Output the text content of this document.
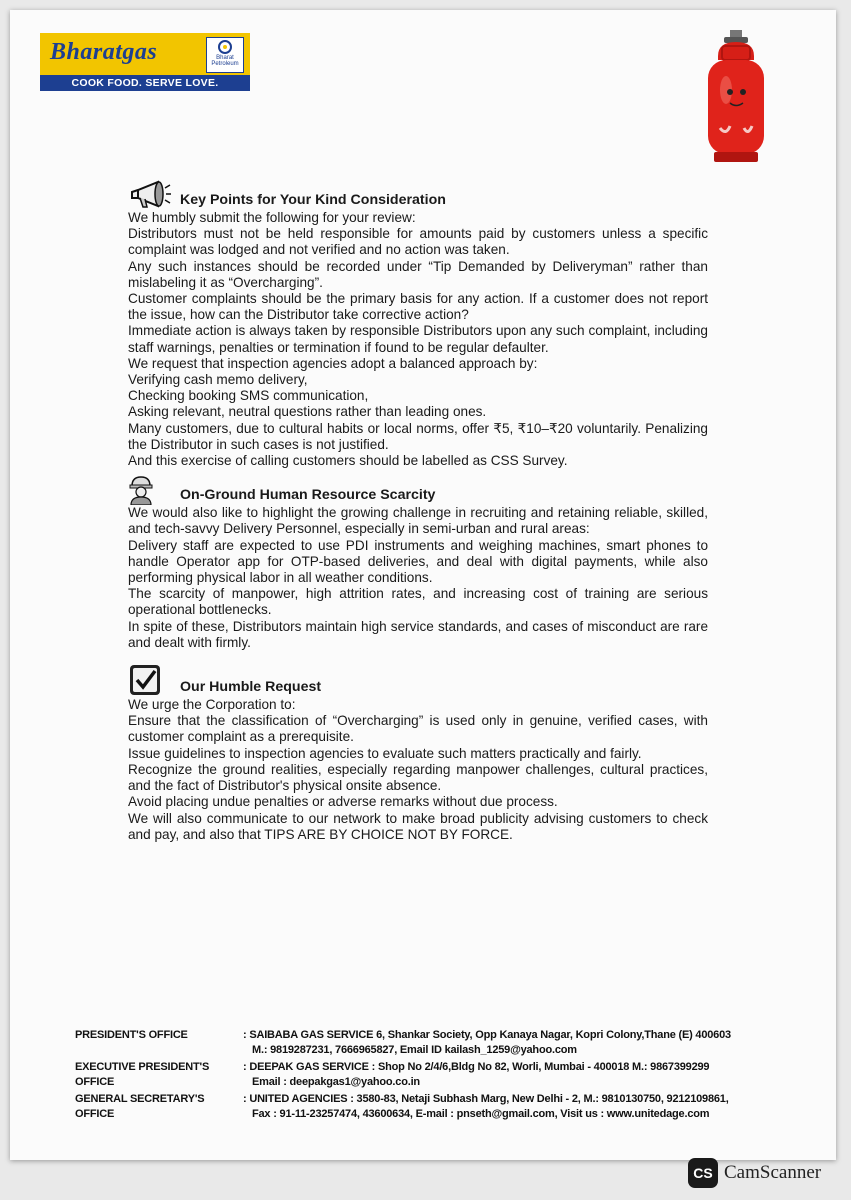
Bharatgas	Bharat Petroleum
COOK FOOD. SERVE LOVE.
Key Points for Your Kind Consideration

We humbly submit the following for your review:

Distributors must not be held responsible for amounts paid by customers unless a specific complaint was lodged and not verified and no action was taken.

Any such instances should be recorded under “Tip Demanded by Deliveryman” rather than mislabeling it as “Overcharging”.

Customer complaints should be the primary basis for any action. If a customer does not report the issue, how can the Distributor take corrective action?

Immediate action is always taken by responsible Distributors upon any such complaint, including staff warnings, penalties or termination if found to be regular defaulter.

We request that inspection agencies adopt a balanced approach by:

Verifying cash memo delivery,

Checking booking SMS communication,

Asking relevant, neutral questions rather than leading ones.

Many customers, due to cultural habits or local norms, offer ₹5, ₹10–₹20 voluntarily. Penalizing the Distributor in such cases is not justified.

And this exercise of calling customers should be labelled as CSS Survey.

On-Ground Human Resource Scarcity

We would also like to highlight the growing challenge in recruiting and retaining reliable, skilled, and tech-savvy Delivery Personnel, especially in semi-urban and rural areas:

Delivery staff are expected to use PDI instruments and weighing machines, smart phones to handle Operator app for OTP-based deliveries, and deal with digital payments, while also performing physical labor in all weather conditions.

The scarcity of manpower, high attrition rates, and increasing cost of training are serious operational bottlenecks.

In spite of these, Distributors maintain high service standards, and cases of misconduct are rare and dealt with firmly.

Our Humble Request

We urge the Corporation to:

Ensure that the classification of “Overcharging” is used only in genuine, verified cases, with customer complaint as a prerequisite.

Issue guidelines to inspection agencies to evaluate such matters practically and fairly.

Recognize the ground realities, especially regarding manpower challenges, cultural practices, and the fact of Distributor's physical onsite absence.

Avoid placing undue penalties or adverse remarks without due process.

We will also communicate to our network to make broad publicity advising customers to check and pay, and also that TIPS ARE BY CHOICE NOT BY FORCE.

PRESIDENT'S OFFICE	: SAIBABA GAS SERVICE 6, Shankar Society, Opp Kanaya Nagar, Kopri Colony,Thane (E) 400603
M.: 9819287231, 7666965827, Email ID kailash_1259@yahoo.com
EXECUTIVE PRESIDENT'S OFFICE
: DEEPAK GAS SERVICE : Shop No 2/4/6,Bldg No 82, Worli, Mumbai - 400018 M.: 9867399299
Email : deepakgas1@yahoo.co.in
GENERAL SECRETARY'S OFFICE
: UNITED AGENCIES : 3580-83, Netaji Subhash Marg, New Delhi - 2, M.: 9810130750, 9212109861,
Fax : 91-11-23257474, 43600634, E-mail : pnseth@gmail.com, Visit us : www.unitedage.com
CS CamScanner
